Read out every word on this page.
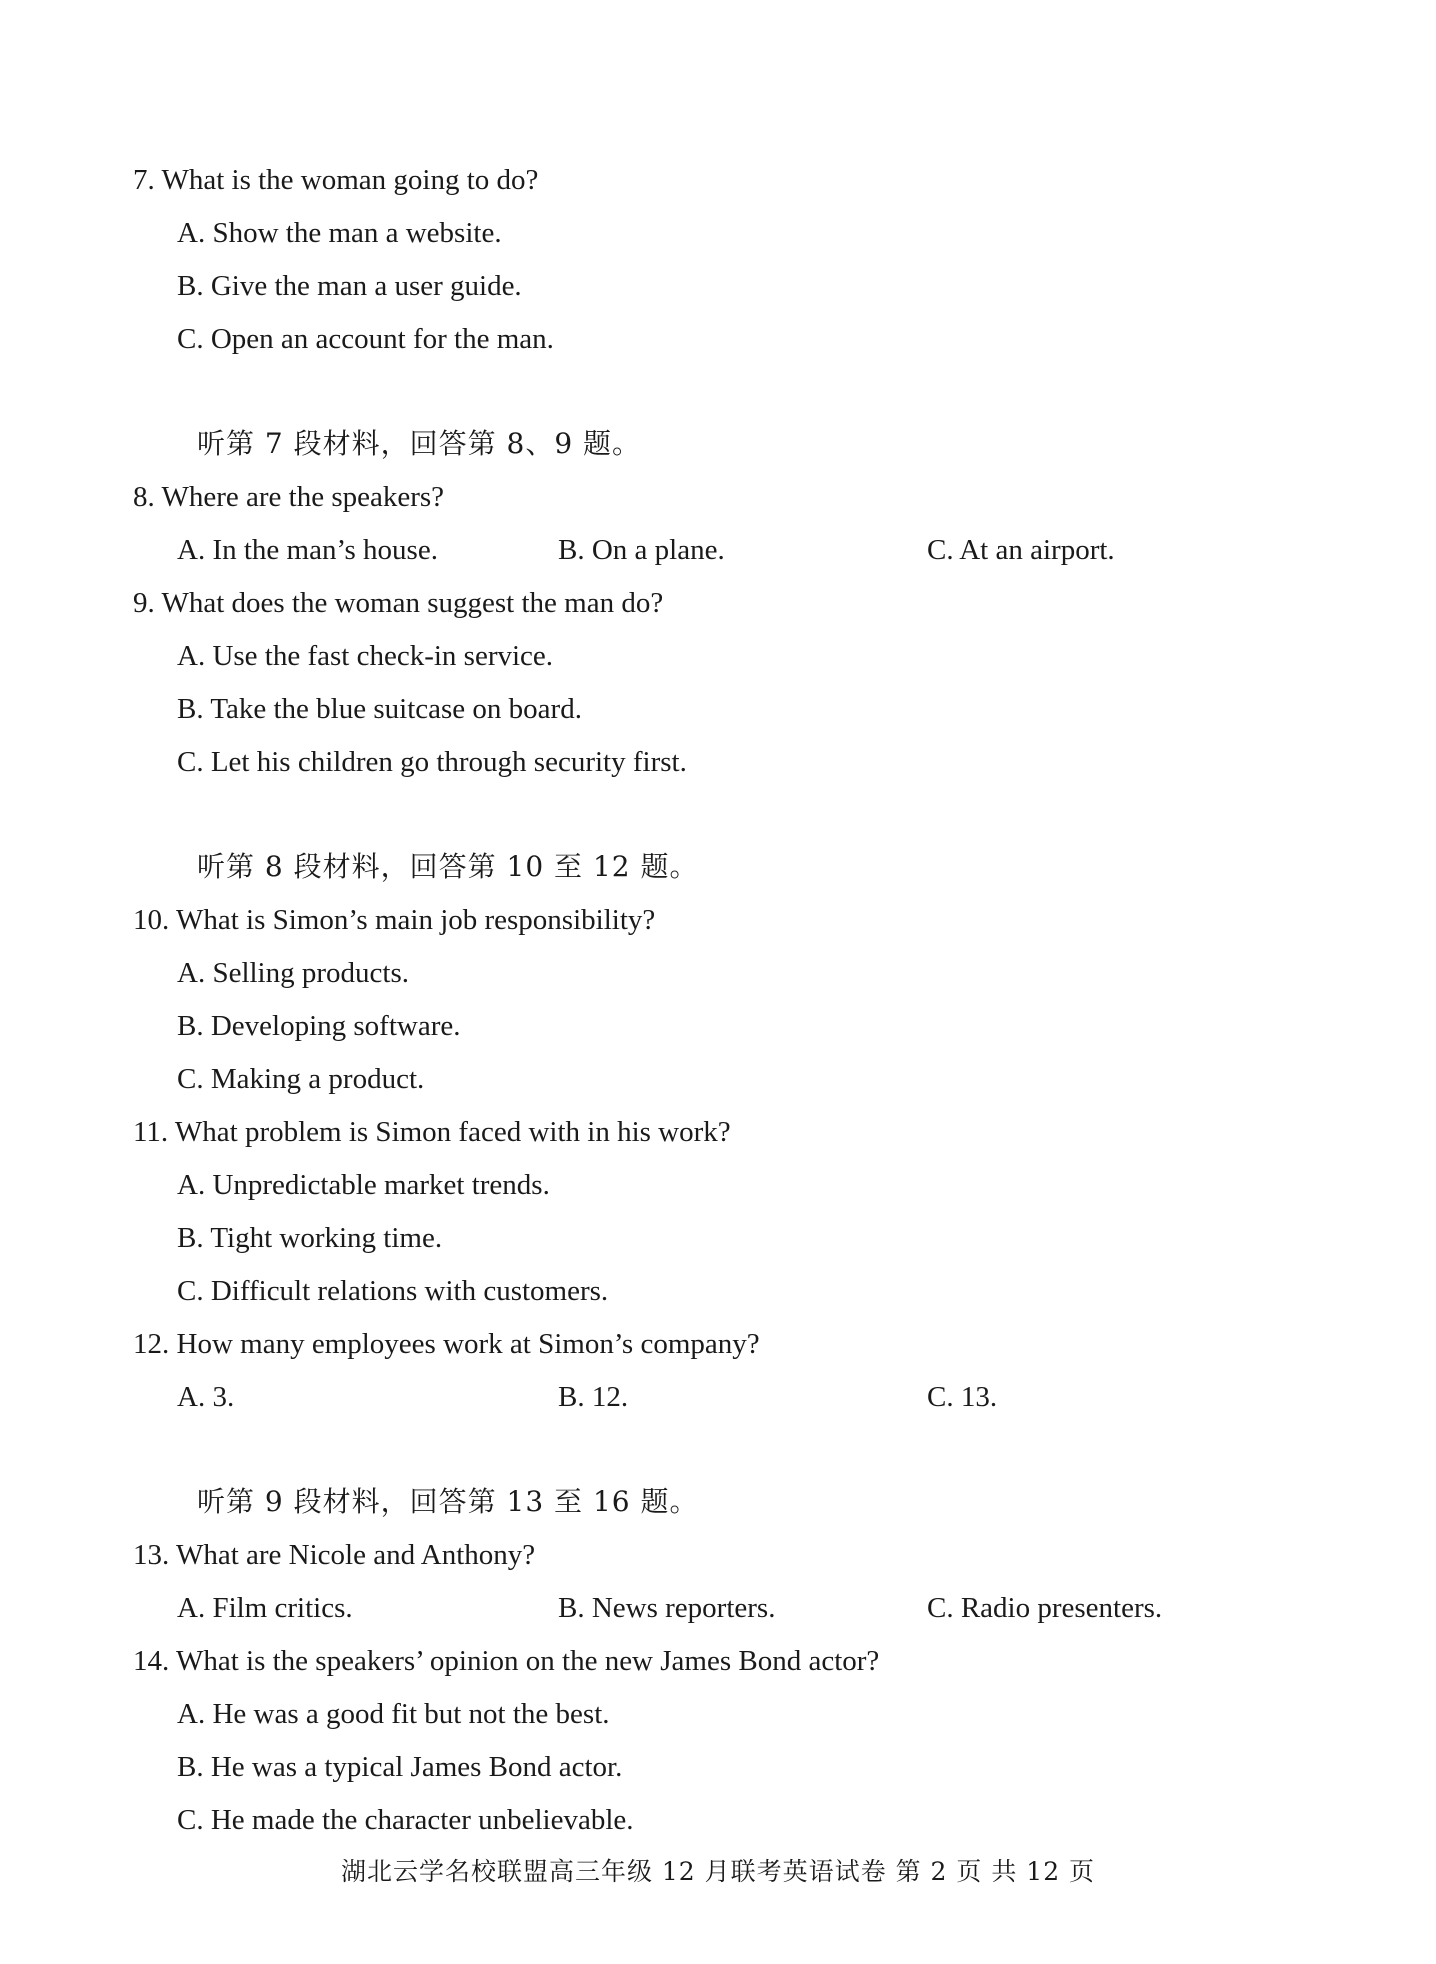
7. What is the woman going to do?
A. Show the man a website.
B. Give the man a user guide.
C. Open an account for the man.
听第 7 段材料，回答第 8、9 题。
8. Where are the speakers?
A. In the man’s house.	B. On a plane.	C. At an airport.
9. What does the woman suggest the man do?
A. Use the fast check-in service.
B. Take the blue suitcase on board.
C. Let his children go through security first.
听第 8 段材料，回答第 10 至 12 题。
10. What is Simon’s main job responsibility?
A. Selling products.
B. Developing software.
C. Making a product.
11. What problem is Simon faced with in his work?
A. Unpredictable market trends.
B. Tight working time.
C. Difficult relations with customers.
12. How many employees work at Simon’s company?
A. 3.	B. 12.	C. 13.
听第 9 段材料，回答第 13 至 16 题。
13. What are Nicole and Anthony?
A. Film critics.	B. News reporters.	C. Radio presenters.
14. What is the speakers’ opinion on the new James Bond actor?
A. He was a good fit but not the best.
B. He was a typical James Bond actor.
C. He made the character unbelievable.
湖北云学名校联盟高三年级 12 月联考英语试卷 第 2 页 共 12 页
